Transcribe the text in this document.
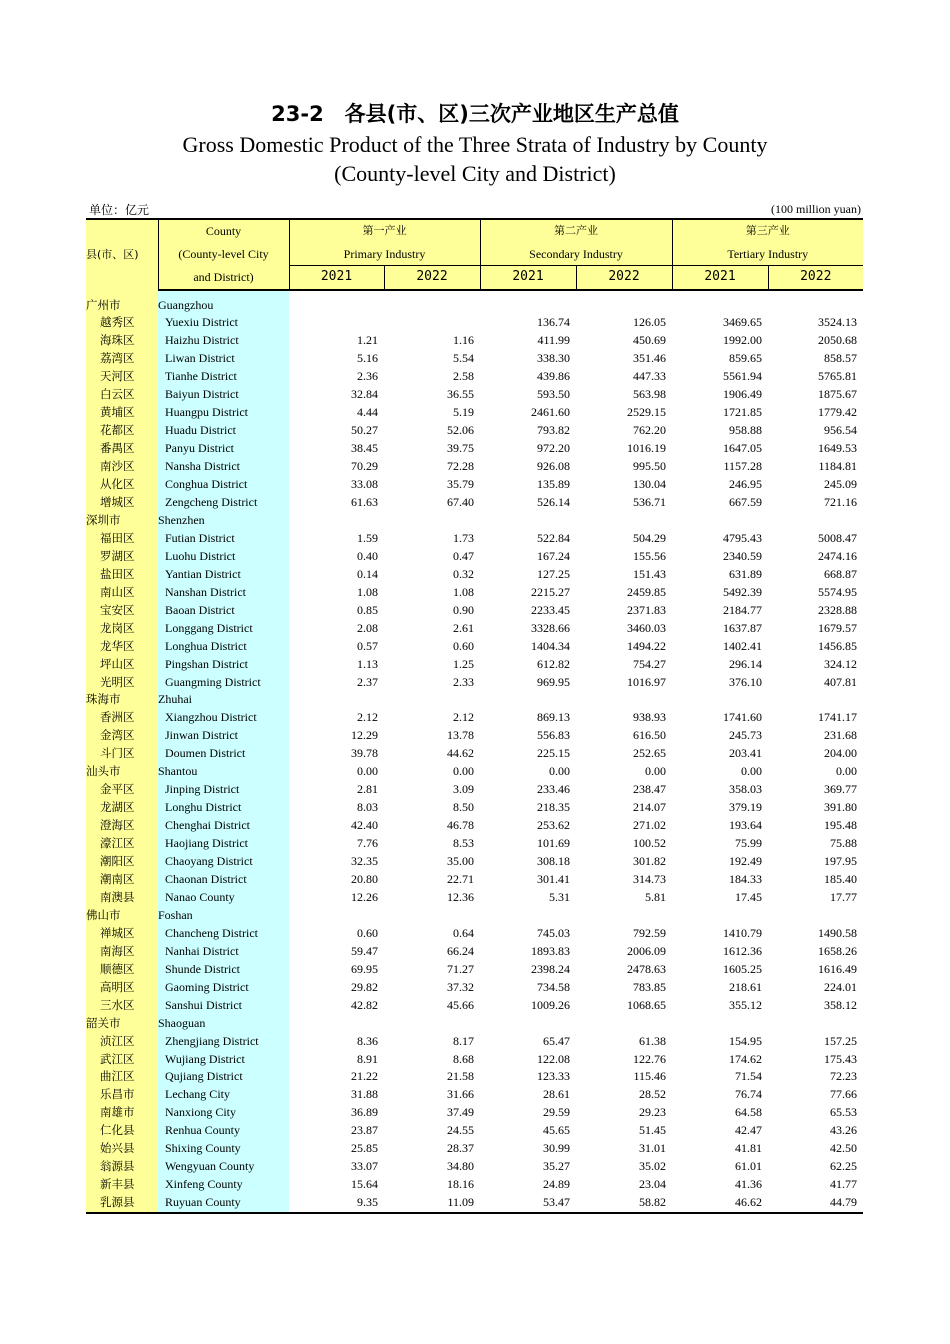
23-2　各县(市、区)三次产业地区生产总值
Gross Domestic Product of the Three Strata of Industry by County
(County-level City and District)
单位：亿元	(100 million yuan)
县(市、区)	County	第一产业		第二产业		第三产业	
	(County-level City	Primary Industry		Secondary Industry		Tertiary Industry	
	and District)	2021	2022	2021	2022	2021	2022

广州市	Guangzhou						
越秀区	Yuexiu District			136.74	126.05	3469.65	3524.13
海珠区	Haizhu District	1.21	1.16	411.99	450.69	1992.00	2050.68
荔湾区	Liwan District	5.16	5.54	338.30	351.46	859.65	858.57
天河区	Tianhe District	2.36	2.58	439.86	447.33	5561.94	5765.81
白云区	Baiyun District	32.84	36.55	593.50	563.98	1906.49	1875.67
黄埔区	Huangpu District	4.44	5.19	2461.60	2529.15	1721.85	1779.42
花都区	Huadu District	50.27	52.06	793.82	762.20	958.88	956.54
番禺区	Panyu District	38.45	39.75	972.20	1016.19	1647.05	1649.53
南沙区	Nansha District	70.29	72.28	926.08	995.50	1157.28	1184.81
从化区	Conghua District	33.08	35.79	135.89	130.04	246.95	245.09
增城区	Zengcheng District	61.63	67.40	526.14	536.71	667.59	721.16
深圳市	Shenzhen						
福田区	Futian District	1.59	1.73	522.84	504.29	4795.43	5008.47
罗湖区	Luohu District	0.40	0.47	167.24	155.56	2340.59	2474.16
盐田区	Yantian District	0.14	0.32	127.25	151.43	631.89	668.87
南山区	Nanshan District	1.08	1.08	2215.27	2459.85	5492.39	5574.95
宝安区	Baoan District	0.85	0.90	2233.45	2371.83	2184.77	2328.88
龙岗区	Longgang District	2.08	2.61	3328.66	3460.03	1637.87	1679.57
龙华区	Longhua District	0.57	0.60	1404.34	1494.22	1402.41	1456.85
坪山区	Pingshan District	1.13	1.25	612.82	754.27	296.14	324.12
光明区	Guangming District	2.37	2.33	969.95	1016.97	376.10	407.81
珠海市	Zhuhai						
香洲区	Xiangzhou District	2.12	2.12	869.13	938.93	1741.60	1741.17
金湾区	Jinwan District	12.29	13.78	556.83	616.50	245.73	231.68
斗门区	Doumen District	39.78	44.62	225.15	252.65	203.41	204.00
汕头市	Shantou	0.00	0.00	0.00	0.00	0.00	0.00
金平区	Jinping District	2.81	3.09	233.46	238.47	358.03	369.77
龙湖区	Longhu District	8.03	8.50	218.35	214.07	379.19	391.80
澄海区	Chenghai District	42.40	46.78	253.62	271.02	193.64	195.48
濠江区	Haojiang District	7.76	8.53	101.69	100.52	75.99	75.88
潮阳区	Chaoyang District	32.35	35.00	308.18	301.82	192.49	197.95
潮南区	Chaonan District	20.80	22.71	301.41	314.73	184.33	185.40
南澳县	Nanao County	12.26	12.36	5.31	5.81	17.45	17.77
佛山市	Foshan						
禅城区	Chancheng District	0.60	0.64	745.03	792.59	1410.79	1490.58
南海区	Nanhai District	59.47	66.24	1893.83	2006.09	1612.36	1658.26
顺德区	Shunde District	69.95	71.27	2398.24	2478.63	1605.25	1616.49
高明区	Gaoming District	29.82	37.32	734.58	783.85	218.61	224.01
三水区	Sanshui District	42.82	45.66	1009.26	1068.65	355.12	358.12
韶关市	Shaoguan						
浈江区	Zhengjiang District	8.36	8.17	65.47	61.38	154.95	157.25
武江区	Wujiang District	8.91	8.68	122.08	122.76	174.62	175.43
曲江区	Qujiang District	21.22	21.58	123.33	115.46	71.54	72.23
乐昌市	Lechang City	31.88	31.66	28.61	28.52	76.74	77.66
南雄市	Nanxiong City	36.89	37.49	29.59	29.23	64.58	65.53
仁化县	Renhua County	23.87	24.55	45.65	51.45	42.47	43.26
始兴县	Shixing County	25.85	28.37	30.99	31.01	41.81	42.50
翁源县	Wengyuan County	33.07	34.80	35.27	35.02	61.01	62.25
新丰县	Xinfeng County	15.64	18.16	24.89	23.04	41.36	41.77
乳源县	Ruyuan County	9.35	11.09	53.47	58.82	46.62	44.79
